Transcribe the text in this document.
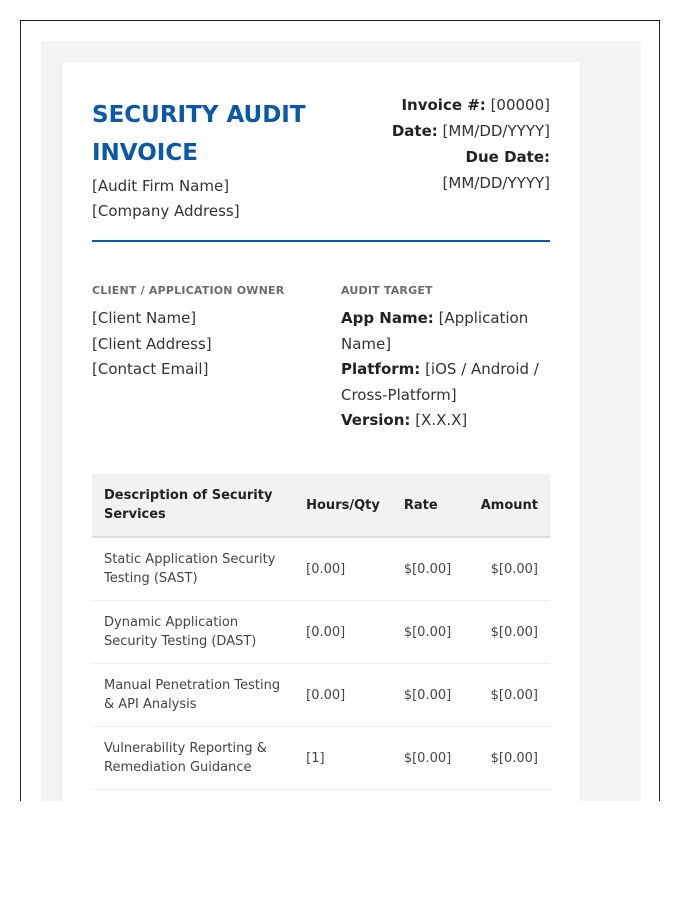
SECURITY AUDIT
INVOICE
[Audit Firm Name]
[Company Address]
Invoice #: [00000]
Date: [MM/DD/YYYY]
Due Date:
[MM/DD/YYYY]
CLIENT / APPLICATION OWNER
[Client Name]
[Client Address]
[Contact Email]
AUDIT TARGET
App Name: [Application Name]
Platform: [iOS / Android / Cross-Platform]
Version: [X.X.X]
Description of Security Services	Hours/Qty	Rate	Amount
Static Application Security Testing (SAST)	[0.00]	$[0.00]	$[0.00]
Dynamic Application Security Testing (DAST)	[0.00]	$[0.00]	$[0.00]
Manual Penetration Testing & API Analysis	[0.00]	$[0.00]	$[0.00]
Vulnerability Reporting & Remediation Guidance	[1]	$[0.00]	$[0.00]
